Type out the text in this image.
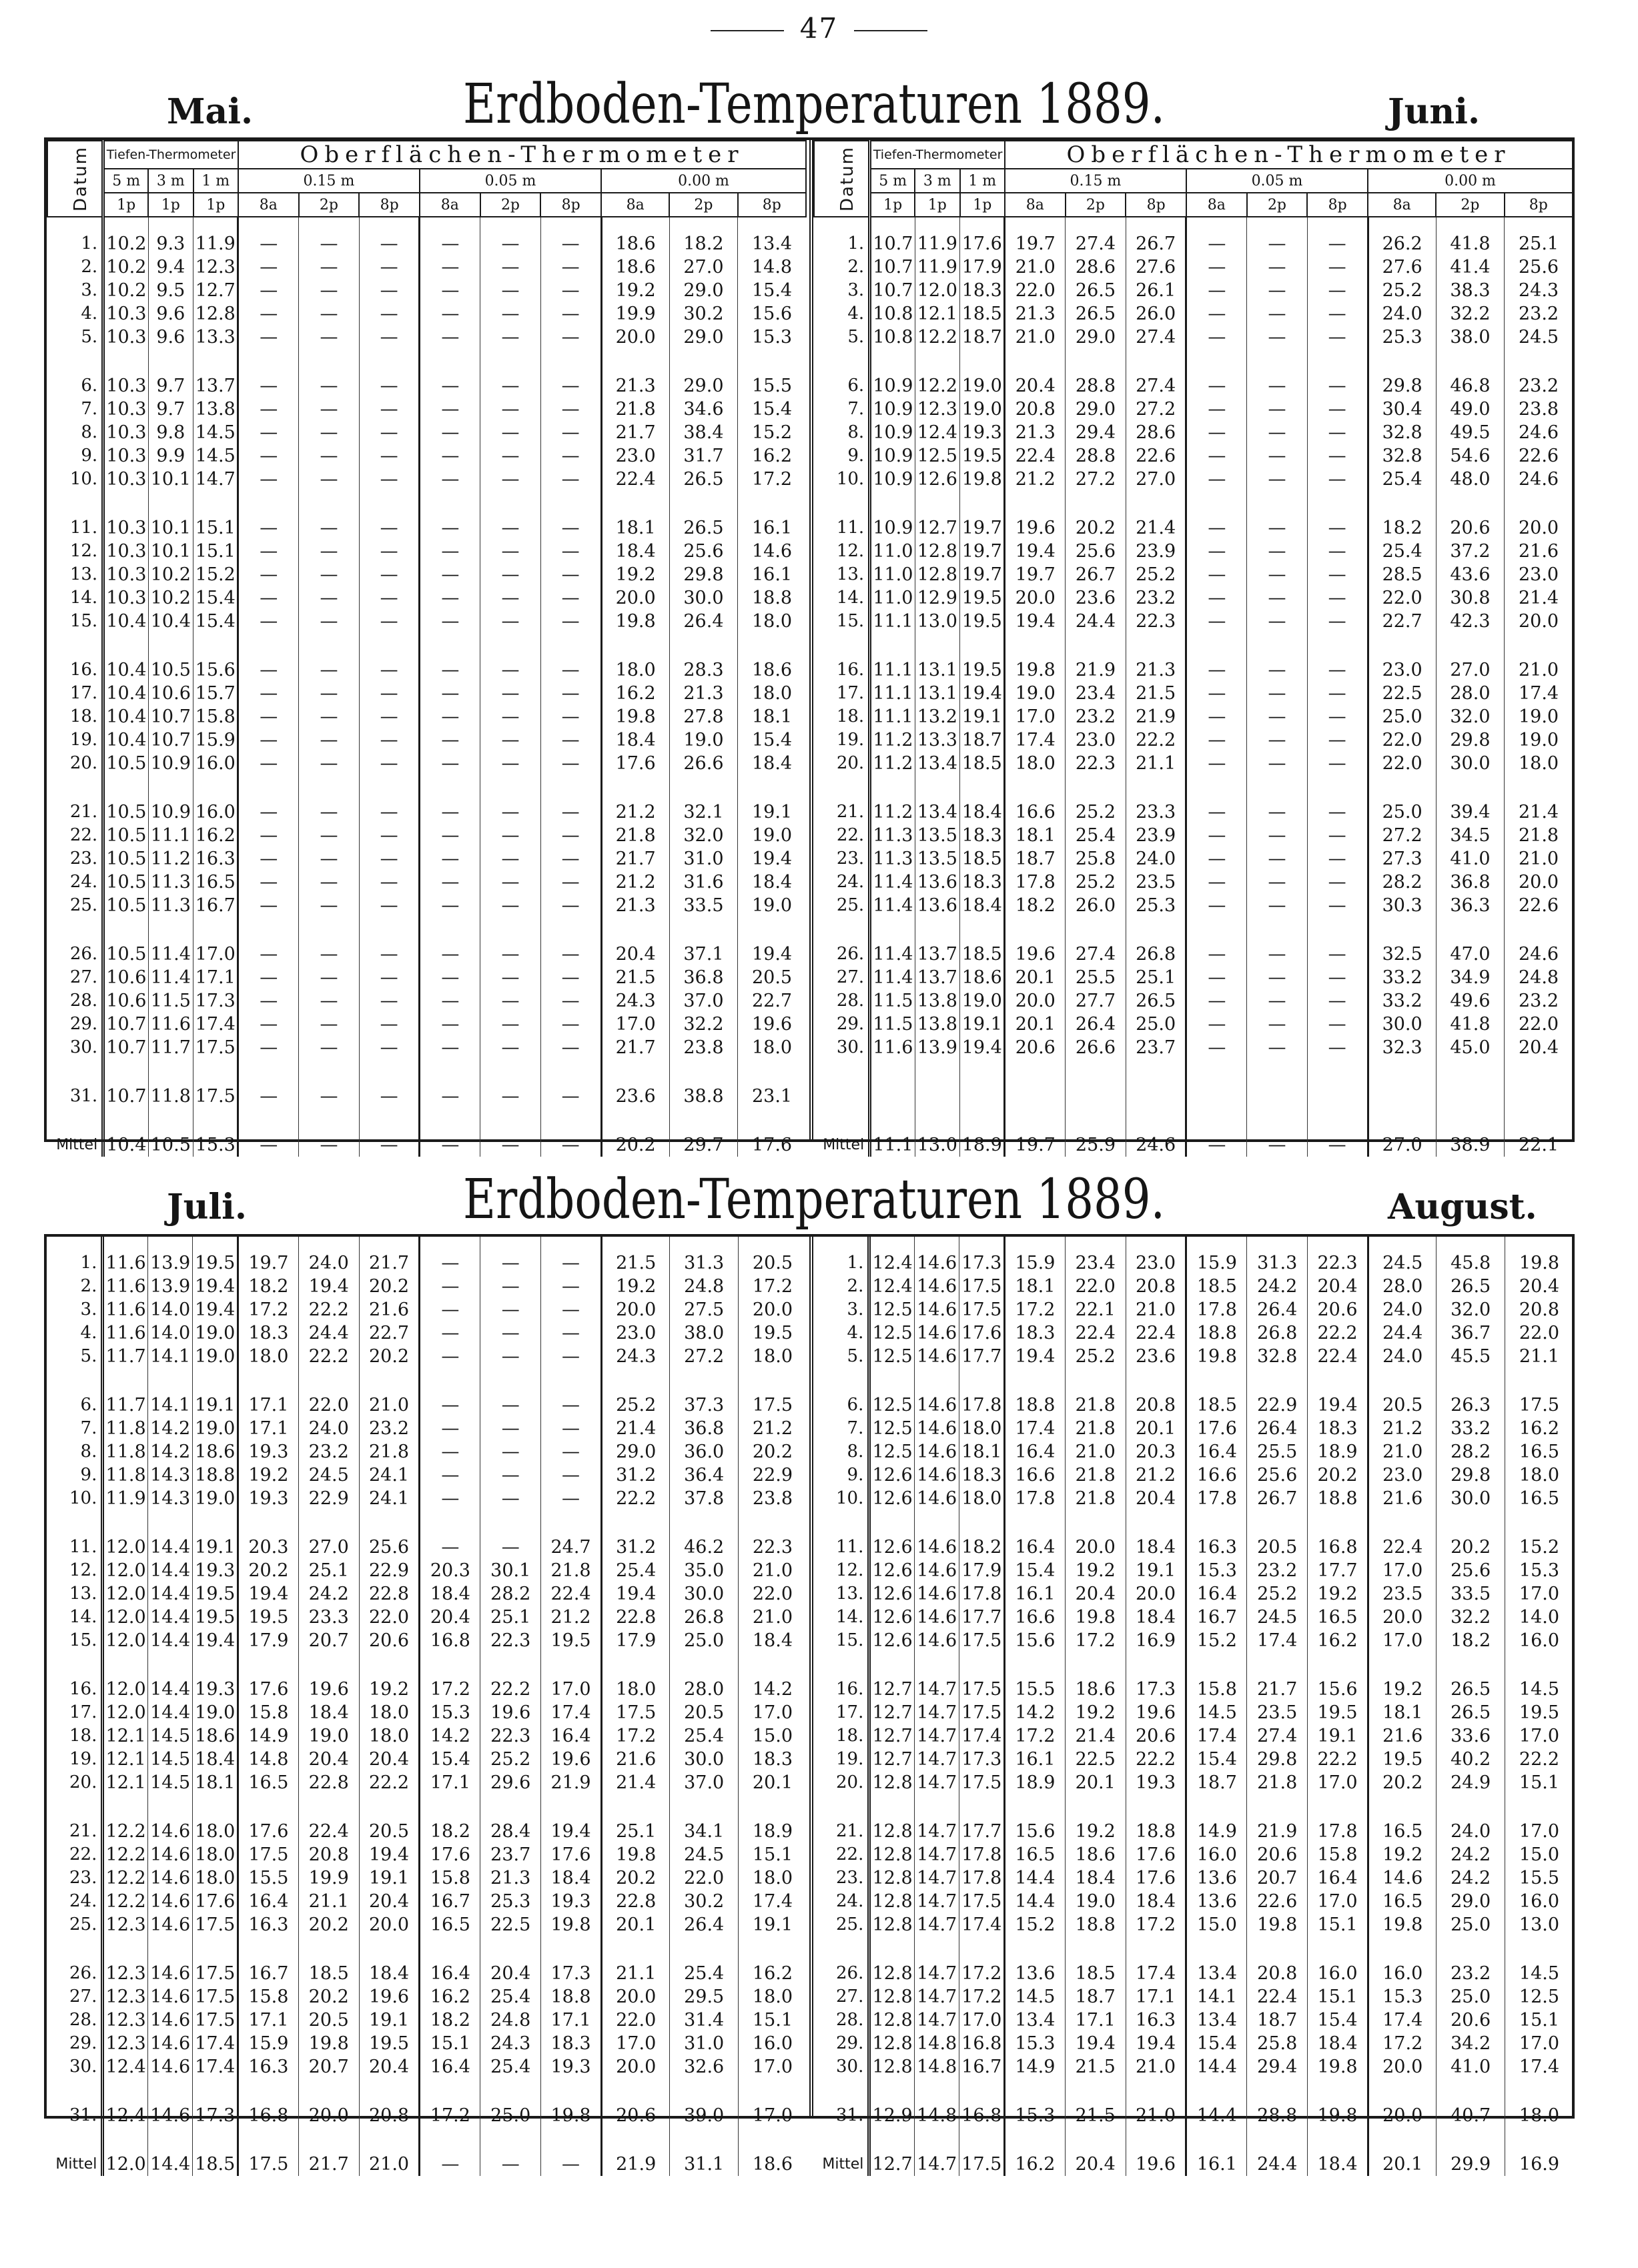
47
Mai.	Erdboden-Temperaturen 1889.	Juni.
Datum	Tiefen-Thermometer			Oberflächen-Thermometer								
	5 m	3 m	1 m	0.15 m			0.05 m			0.00 m		
	1p	1p	1p	8a	2p	8p	8a	2p	8p	8a	2p	8p

1.	10.2	9.3	11.9	—	—	—	—	—	—	18.6	18.2	13.4
2.	10.2	9.4	12.3	—	—	—	—	—	—	18.6	27.0	14.8
3.	10.2	9.5	12.7	—	—	—	—	—	—	19.2	29.0	15.4
4.	10.3	9.6	12.8	—	—	—	—	—	—	19.9	30.2	15.6
5.	10.3	9.6	13.3	—	—	—	—	—	—	20.0	29.0	15.3

6.	10.3	9.7	13.7	—	—	—	—	—	—	21.3	29.0	15.5
7.	10.3	9.7	13.8	—	—	—	—	—	—	21.8	34.6	15.4
8.	10.3	9.8	14.5	—	—	—	—	—	—	21.7	38.4	15.2
9.	10.3	9.9	14.5	—	—	—	—	—	—	23.0	31.7	16.2
10.	10.3	10.1	14.7	—	—	—	—	—	—	22.4	26.5	17.2

11.	10.3	10.1	15.1	—	—	—	—	—	—	18.1	26.5	16.1
12.	10.3	10.1	15.1	—	—	—	—	—	—	18.4	25.6	14.6
13.	10.3	10.2	15.2	—	—	—	—	—	—	19.2	29.8	16.1
14.	10.3	10.2	15.4	—	—	—	—	—	—	20.0	30.0	18.8
15.	10.4	10.4	15.4	—	—	—	—	—	—	19.8	26.4	18.0

16.	10.4	10.5	15.6	—	—	—	—	—	—	18.0	28.3	18.6
17.	10.4	10.6	15.7	—	—	—	—	—	—	16.2	21.3	18.0
18.	10.4	10.7	15.8	—	—	—	—	—	—	19.8	27.8	18.1
19.	10.4	10.7	15.9	—	—	—	—	—	—	18.4	19.0	15.4
20.	10.5	10.9	16.0	—	—	—	—	—	—	17.6	26.6	18.4

21.	10.5	10.9	16.0	—	—	—	—	—	—	21.2	32.1	19.1
22.	10.5	11.1	16.2	—	—	—	—	—	—	21.8	32.0	19.0
23.	10.5	11.2	16.3	—	—	—	—	—	—	21.7	31.0	19.4
24.	10.5	11.3	16.5	—	—	—	—	—	—	21.2	31.6	18.4
25.	10.5	11.3	16.7	—	—	—	—	—	—	21.3	33.5	19.0

26.	10.5	11.4	17.0	—	—	—	—	—	—	20.4	37.1	19.4
27.	10.6	11.4	17.1	—	—	—	—	—	—	21.5	36.8	20.5
28.	10.6	11.5	17.3	—	—	—	—	—	—	24.3	37.0	22.7
29.	10.7	11.6	17.4	—	—	—	—	—	—	17.0	32.2	19.6
30.	10.7	11.7	17.5	—	—	—	—	—	—	21.7	23.8	18.0

31.	10.7	11.8	17.5	—	—	—	—	—	—	23.6	38.8	23.1

Mittel	10.4	10.5	15.3	—	—	—	—	—	—	20.2	29.7	17.6
Datum	Tiefen-Thermometer			Oberflächen-Thermometer								
	5 m	3 m	1 m	0.15 m			0.05 m			0.00 m		
	1p	1p	1p	8a	2p	8p	8a	2p	8p	8a	2p	8p

1.	10.7	11.9	17.6	19.7	27.4	26.7	—	—	—	26.2	41.8	25.1
2.	10.7	11.9	17.9	21.0	28.6	27.6	—	—	—	27.6	41.4	25.6
3.	10.7	12.0	18.3	22.0	26.5	26.1	—	—	—	25.2	38.3	24.3
4.	10.8	12.1	18.5	21.3	26.5	26.0	—	—	—	24.0	32.2	23.2
5.	10.8	12.2	18.7	21.0	29.0	27.4	—	—	—	25.3	38.0	24.5

6.	10.9	12.2	19.0	20.4	28.8	27.4	—	—	—	29.8	46.8	23.2
7.	10.9	12.3	19.0	20.8	29.0	27.2	—	—	—	30.4	49.0	23.8
8.	10.9	12.4	19.3	21.3	29.4	28.6	—	—	—	32.8	49.5	24.6
9.	10.9	12.5	19.5	22.4	28.8	22.6	—	—	—	32.8	54.6	22.6
10.	10.9	12.6	19.8	21.2	27.2	27.0	—	—	—	25.4	48.0	24.6

11.	10.9	12.7	19.7	19.6	20.2	21.4	—	—	—	18.2	20.6	20.0
12.	11.0	12.8	19.7	19.4	25.6	23.9	—	—	—	25.4	37.2	21.6
13.	11.0	12.8	19.7	19.7	26.7	25.2	—	—	—	28.5	43.6	23.0
14.	11.0	12.9	19.5	20.0	23.6	23.2	—	—	—	22.0	30.8	21.4
15.	11.1	13.0	19.5	19.4	24.4	22.3	—	—	—	22.7	42.3	20.0

16.	11.1	13.1	19.5	19.8	21.9	21.3	—	—	—	23.0	27.0	21.0
17.	11.1	13.1	19.4	19.0	23.4	21.5	—	—	—	22.5	28.0	17.4
18.	11.1	13.2	19.1	17.0	23.2	21.9	—	—	—	25.0	32.0	19.0
19.	11.2	13.3	18.7	17.4	23.0	22.2	—	—	—	22.0	29.8	19.0
20.	11.2	13.4	18.5	18.0	22.3	21.1	—	—	—	22.0	30.0	18.0

21.	11.2	13.4	18.4	16.6	25.2	23.3	—	—	—	25.0	39.4	21.4
22.	11.3	13.5	18.3	18.1	25.4	23.9	—	—	—	27.2	34.5	21.8
23.	11.3	13.5	18.5	18.7	25.8	24.0	—	—	—	27.3	41.0	21.0
24.	11.4	13.6	18.3	17.8	25.2	23.5	—	—	—	28.2	36.8	20.0
25.	11.4	13.6	18.4	18.2	26.0	25.3	—	—	—	30.3	36.3	22.6

26.	11.4	13.7	18.5	19.6	27.4	26.8	—	—	—	32.5	47.0	24.6
27.	11.4	13.7	18.6	20.1	25.5	25.1	—	—	—	33.2	34.9	24.8
28.	11.5	13.8	19.0	20.0	27.7	26.5	—	—	—	33.2	49.6	23.2
29.	11.5	13.8	19.1	20.1	26.4	25.0	—	—	—	30.0	41.8	22.0
30.	11.6	13.9	19.4	20.6	26.6	23.7	—	—	—	32.3	45.0	20.4

Mittel	11.1	13.0	18.9	19.7	25.9	24.6	—	—	—	27.0	38.9	22.1
Juli.	Erdboden-Temperaturen 1889.	August.

1.	11.6	13.9	19.5	19.7	24.0	21.7	—	—	—	21.5	31.3	20.5
2.	11.6	13.9	19.4	18.2	19.4	20.2	—	—	—	19.2	24.8	17.2
3.	11.6	14.0	19.4	17.2	22.2	21.6	—	—	—	20.0	27.5	20.0
4.	11.6	14.0	19.0	18.3	24.4	22.7	—	—	—	23.0	38.0	19.5
5.	11.7	14.1	19.0	18.0	22.2	20.2	—	—	—	24.3	27.2	18.0

6.	11.7	14.1	19.1	17.1	22.0	21.0	—	—	—	25.2	37.3	17.5
7.	11.8	14.2	19.0	17.1	24.0	23.2	—	—	—	21.4	36.8	21.2
8.	11.8	14.2	18.6	19.3	23.2	21.8	—	—	—	29.0	36.0	20.2
9.	11.8	14.3	18.8	19.2	24.5	24.1	—	—	—	31.2	36.4	22.9
10.	11.9	14.3	19.0	19.3	22.9	24.1	—	—	—	22.2	37.8	23.8

11.	12.0	14.4	19.1	20.3	27.0	25.6	—	—	24.7	31.2	46.2	22.3
12.	12.0	14.4	19.3	20.2	25.1	22.9	20.3	30.1	21.8	25.4	35.0	21.0
13.	12.0	14.4	19.5	19.4	24.2	22.8	18.4	28.2	22.4	19.4	30.0	22.0
14.	12.0	14.4	19.5	19.5	23.3	22.0	20.4	25.1	21.2	22.8	26.8	21.0
15.	12.0	14.4	19.4	17.9	20.7	20.6	16.8	22.3	19.5	17.9	25.0	18.4

16.	12.0	14.4	19.3	17.6	19.6	19.2	17.2	22.2	17.0	18.0	28.0	14.2
17.	12.0	14.4	19.0	15.8	18.4	18.0	15.3	19.6	17.4	17.5	20.5	17.0
18.	12.1	14.5	18.6	14.9	19.0	18.0	14.2	22.3	16.4	17.2	25.4	15.0
19.	12.1	14.5	18.4	14.8	20.4	20.4	15.4	25.2	19.6	21.6	30.0	18.3
20.	12.1	14.5	18.1	16.5	22.8	22.2	17.1	29.6	21.9	21.4	37.0	20.1

21.	12.2	14.6	18.0	17.6	22.4	20.5	18.2	28.4	19.4	25.1	34.1	18.9
22.	12.2	14.6	18.0	17.5	20.8	19.4	17.6	23.7	17.6	19.8	24.5	15.1
23.	12.2	14.6	18.0	15.5	19.9	19.1	15.8	21.3	18.4	20.2	22.0	18.0
24.	12.2	14.6	17.6	16.4	21.1	20.4	16.7	25.3	19.3	22.8	30.2	17.4
25.	12.3	14.6	17.5	16.3	20.2	20.0	16.5	22.5	19.8	20.1	26.4	19.1

26.	12.3	14.6	17.5	16.7	18.5	18.4	16.4	20.4	17.3	21.1	25.4	16.2
27.	12.3	14.6	17.5	15.8	20.2	19.6	16.2	25.4	18.8	20.0	29.5	18.0
28.	12.3	14.6	17.5	17.1	20.5	19.1	18.2	24.8	17.1	22.0	31.4	15.1
29.	12.3	14.6	17.4	15.9	19.8	19.5	15.1	24.3	18.3	17.0	31.0	16.0
30.	12.4	14.6	17.4	16.3	20.7	20.4	16.4	25.4	19.3	20.0	32.6	17.0

31.	12.4	14.6	17.3	16.8	20.0	20.8	17.2	25.0	19.8	20.6	39.0	17.0

Mittel	12.0	14.4	18.5	17.5	21.7	21.0	—	—	—	21.9	31.1	18.6

1.	12.4	14.6	17.3	15.9	23.4	23.0	15.9	31.3	22.3	24.5	45.8	19.8
2.	12.4	14.6	17.5	18.1	22.0	20.8	18.5	24.2	20.4	28.0	26.5	20.4
3.	12.5	14.6	17.5	17.2	22.1	21.0	17.8	26.4	20.6	24.0	32.0	20.8
4.	12.5	14.6	17.6	18.3	22.4	22.4	18.8	26.8	22.2	24.4	36.7	22.0
5.	12.5	14.6	17.7	19.4	25.2	23.6	19.8	32.8	22.4	24.0	45.5	21.1

6.	12.5	14.6	17.8	18.8	21.8	20.8	18.5	22.9	19.4	20.5	26.3	17.5
7.	12.5	14.6	18.0	17.4	21.8	20.1	17.6	26.4	18.3	21.2	33.2	16.2
8.	12.5	14.6	18.1	16.4	21.0	20.3	16.4	25.5	18.9	21.0	28.2	16.5
9.	12.6	14.6	18.3	16.6	21.8	21.2	16.6	25.6	20.2	23.0	29.8	18.0
10.	12.6	14.6	18.0	17.8	21.8	20.4	17.8	26.7	18.8	21.6	30.0	16.5

11.	12.6	14.6	18.2	16.4	20.0	18.4	16.3	20.5	16.8	22.4	20.2	15.2
12.	12.6	14.6	17.9	15.4	19.2	19.1	15.3	23.2	17.7	17.0	25.6	15.3
13.	12.6	14.6	17.8	16.1	20.4	20.0	16.4	25.2	19.2	23.5	33.5	17.0
14.	12.6	14.6	17.7	16.6	19.8	18.4	16.7	24.5	16.5	20.0	32.2	14.0
15.	12.6	14.6	17.5	15.6	17.2	16.9	15.2	17.4	16.2	17.0	18.2	16.0

16.	12.7	14.7	17.5	15.5	18.6	17.3	15.8	21.7	15.6	19.2	26.5	14.5
17.	12.7	14.7	17.5	14.2	19.2	19.6	14.5	23.5	19.5	18.1	26.5	19.5
18.	12.7	14.7	17.4	17.2	21.4	20.6	17.4	27.4	19.1	21.6	33.6	17.0
19.	12.7	14.7	17.3	16.1	22.5	22.2	15.4	29.8	22.2	19.5	40.2	22.2
20.	12.8	14.7	17.5	18.9	20.1	19.3	18.7	21.8	17.0	20.2	24.9	15.1

21.	12.8	14.7	17.7	15.6	19.2	18.8	14.9	21.9	17.8	16.5	24.0	17.0
22.	12.8	14.7	17.8	16.5	18.6	17.6	16.0	20.6	15.8	19.2	24.2	15.0
23.	12.8	14.7	17.8	14.4	18.4	17.6	13.6	20.7	16.4	14.6	24.2	15.5
24.	12.8	14.7	17.5	14.4	19.0	18.4	13.6	22.6	17.0	16.5	29.0	16.0
25.	12.8	14.7	17.4	15.2	18.8	17.2	15.0	19.8	15.1	19.8	25.0	13.0

26.	12.8	14.7	17.2	13.6	18.5	17.4	13.4	20.8	16.0	16.0	23.2	14.5
27.	12.8	14.7	17.2	14.5	18.7	17.1	14.1	22.4	15.1	15.3	25.0	12.5
28.	12.8	14.7	17.0	13.4	17.1	16.3	13.4	18.7	15.4	17.4	20.6	15.1
29.	12.8	14.8	16.8	15.3	19.4	19.4	15.4	25.8	18.4	17.2	34.2	17.0
30.	12.8	14.8	16.7	14.9	21.5	21.0	14.4	29.4	19.8	20.0	41.0	17.4

31.	12.9	14.8	16.8	15.3	21.5	21.0	14.4	28.8	19.8	20.0	40.7	18.0

Mittel	12.7	14.7	17.5	16.2	20.4	19.6	16.1	24.4	18.4	20.1	29.9	16.9
